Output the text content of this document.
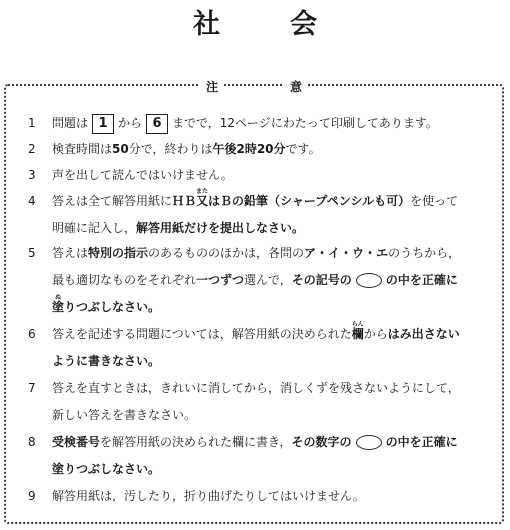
社	会
注	意
1	問題は 1 から 6 までで，12ページにわたって印刷してあります。
2	検査時間は50分で，終わりは午後2時20分です。
3	声を出して読んではいけません。
4	答えは全て解答用紙にＨＢ又またはＢの鉛筆（シャープペンシルも可）を使って
明確に記入し，解答用紙だけを提出しなさい。
5	答えは特別の指示のあるもののほかは，各問のア・イ・ウ・エのうちから，
最も適切なものをそれぞれ一つずつ選んで，その記号の	の中を正確に
塗ぬりつぶしなさい。
6	答えを記述する問題については，解答用紙の決められた欄らんからはみ出さない
ように書きなさい。
7	答えを直すときは，きれいに消してから，消しくずを残さないようにして，
新しい答えを書きなさい。
8	受検番号を解答用紙の決められた欄に書き，その数字の	の中を正確に
塗りつぶしなさい。
9	解答用紙は，汚したり，折り曲げたりしてはいけません。
